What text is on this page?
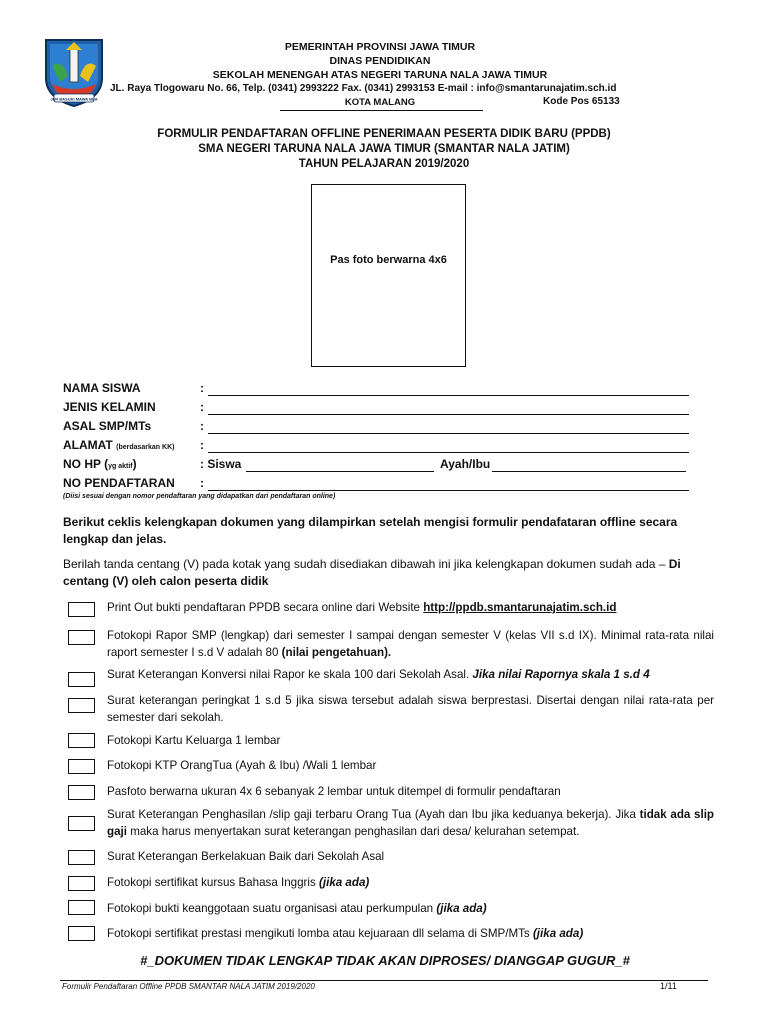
JER BASUKI MAWA BEA
PEMERINTAH PROVINSI JAWA TIMUR
DINAS PENDIDIKAN
SEKOLAH MENENGAH ATAS NEGERI TARUNA NALA JAWA TIMUR
JL. Raya Tlogowaru No. 66, Telp. (0341) 2993222 Fax. (0341) 2993153 E-mail : info@smantarunajatim.sch.id
KOTA MALANG	Kode Pos 65133
FORMULIR PENDAFTARAN OFFLINE PENERIMAAN PESERTA DIDIK BARU (PPDB)
SMA NEGERI TARUNA NALA JAWA TIMUR (SMANTAR NALA JATIM)
TAHUN PELAJARAN 2019/2020
Pas foto berwarna 4x6
NAMA SISWA	:
JENIS KELAMIN	:
ASAL SMP/MTs	:
ALAMAT (berdasarkan KK) :
NO HP (yg aktif)	: Siswa	Ayah/Ibu
NO PENDAFTARAN :
(Diisi sesuai dengan nomor pendaftaran yang didapatkan dari pendaftaran online)
Berikut ceklis kelengkapan dokumen yang dilampirkan setelah mengisi formulir pendafataran offline secara lengkap dan jelas.
Berilah tanda centang (V) pada kotak yang sudah disediakan dibawah ini jika kelengkapan dokumen sudah ada – Di centang (V) oleh calon peserta didik
Print Out bukti pendaftaran PPDB secara online dari Website http://ppdb.smantarunajatim.sch.id
Fotokopi Rapor SMP (lengkap) dari semester I sampai dengan semester V (kelas VII s.d IX). Minimal rata-rata nilai raport semester I s.d V adalah 80 (nilai pengetahuan).
Surat Keterangan Konversi nilai Rapor ke skala 100 dari Sekolah Asal. Jika nilai Rapornya skala 1 s.d 4
Surat keterangan peringkat 1 s.d 5 jika siswa tersebut adalah siswa berprestasi. Disertai dengan nilai rata-rata per semester dari sekolah.
Fotokopi Kartu Keluarga 1 lembar
Fotokopi KTP OrangTua (Ayah & Ibu) /Wali 1 lembar
Pasfoto berwarna ukuran 4x 6 sebanyak 2 lembar untuk ditempel di formulir pendaftaran
Surat Keterangan Penghasilan /slip gaji terbaru Orang Tua (Ayah dan Ibu jika keduanya bekerja). Jika tidak ada slip gaji maka harus menyertakan surat keterangan penghasilan dari desa/ kelurahan setempat.
Surat Keterangan Berkelakuan Baik dari Sekolah Asal
Fotokopi sertifikat kursus Bahasa Inggris (jika ada)
Fotokopi bukti keanggotaan suatu organisasi atau perkumpulan (jika ada)
Fotokopi sertifikat prestasi mengikuti lomba atau kejuaraan dll selama di SMP/MTs (jika ada)
#_DOKUMEN TIDAK LENGKAP TIDAK AKAN DIPROSES/ DIANGGAP GUGUR_#
Formulir Pendaftaran Offline PPDB SMANTAR NALA JATIM 2019/2020	1/11
